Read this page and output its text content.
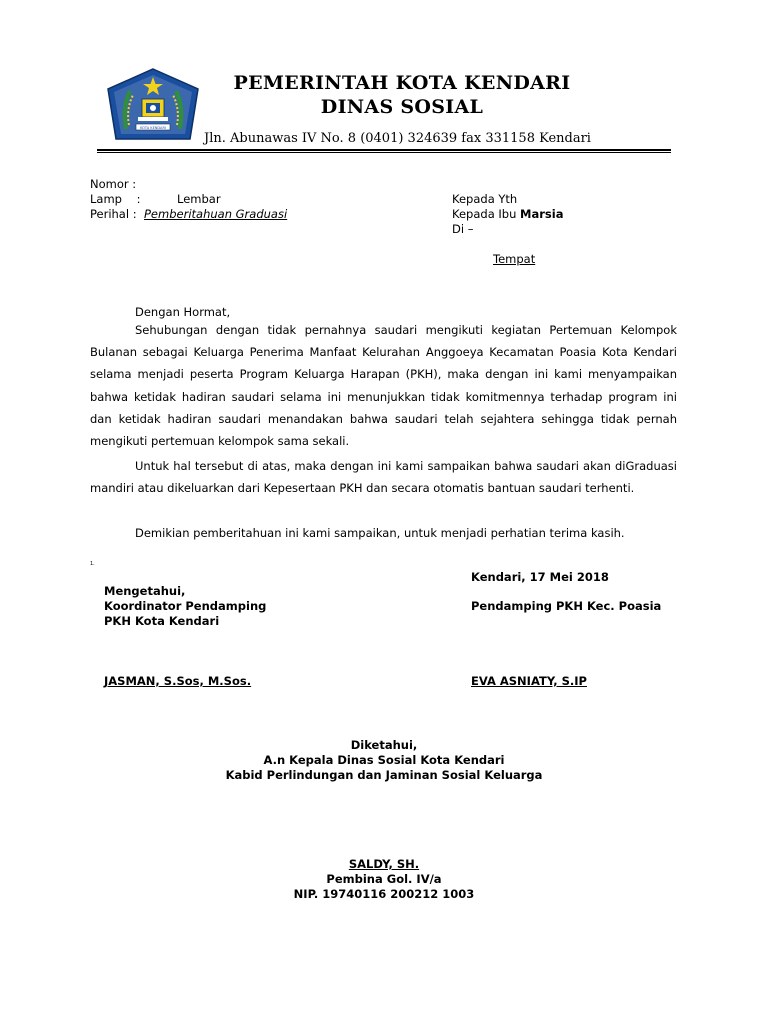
KOTA KENDARI
PEMERINTAH KOTA KENDARI
DINAS SOSIAL
Jln. Abunawas IV No. 8 (0401) 324639 fax 331158 Kendari
Nomor :
Lamp    :	Lembar
Perihal : Pemberitahuan Graduasi
Kepada Yth
Kepada Ibu Marsia
Di –
Tempat
Dengan Hormat,
Sehubungan dengan tidak pernahnya saudari mengikuti kegiatan Pertemuan Kelompok Bulanan sebagai Keluarga Penerima Manfaat Kelurahan Anggoeya Kecamatan Poasia Kota Kendari selama menjadi peserta Program Keluarga Harapan (PKH), maka dengan ini kami menyampaikan bahwa ketidak hadiran saudari selama ini menunjukkan tidak komitmennya terhadap program ini dan ketidak hadiran saudari menandakan bahwa saudari telah sejahtera sehingga tidak pernah mengikuti pertemuan kelompok sama sekali.
Untuk hal tersebut di atas, maka dengan ini kami sampaikan bahwa saudari akan diGraduasi mandiri atau dikeluarkan dari Kepesertaan PKH dan secara otomatis bantuan saudari terhenti.
Demikian pemberitahuan ini kami sampaikan, untuk menjadi perhatian terima kasih.
1.
Kendari, 17 Mei 2018
Mengetahui,
Koordinator Pendamping	Pendamping PKH Kec. Poasia
PKH Kota Kendari
JASMAN, S.Sos, M.Sos.	EVA ASNIATY, S.IP
Diketahui,
A.n Kepala Dinas Sosial Kota Kendari
Kabid Perlindungan dan Jaminan Sosial Keluarga
SALDY, SH.
Pembina Gol. IV/a
NIP. 19740116 200212 1003
